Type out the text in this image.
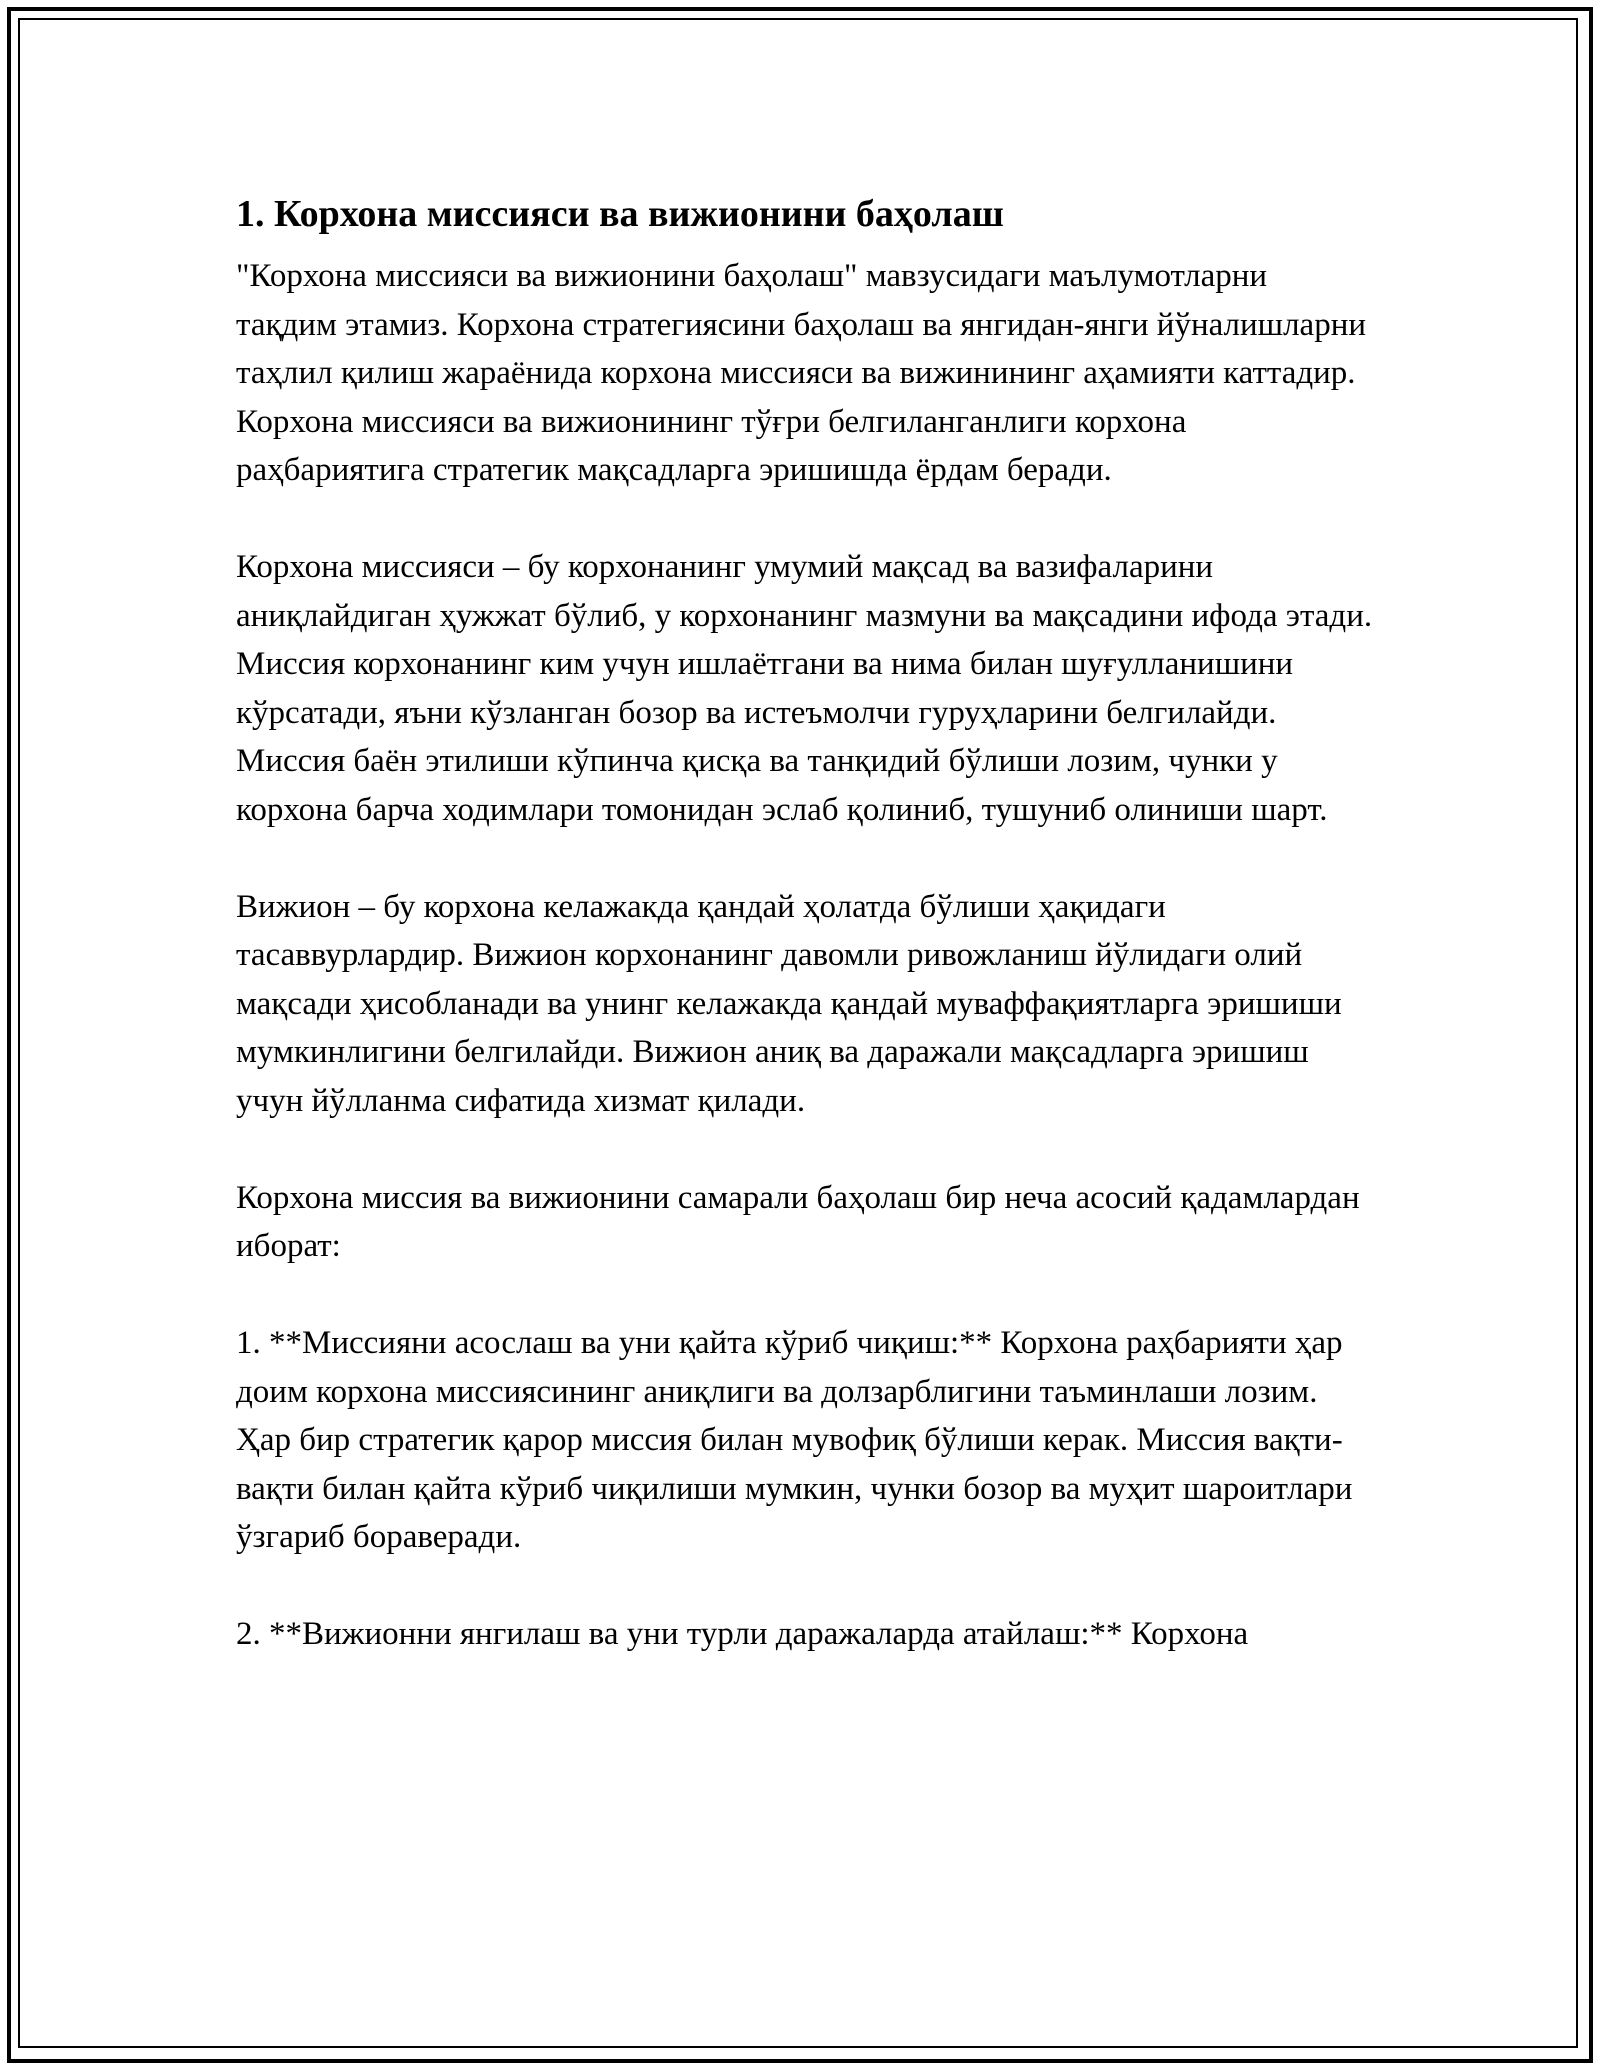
1. Корхона миссияси ва вижионини баҳолаш

"Корхона миссияси ва вижионини баҳолаш" мавзусидаги маълумотларни тақдим этамиз. Корхона стратегиясини баҳолаш ва янгидан-янги йўналишларни таҳлил қилиш жараёнида корхона миссияси ва вижинининг аҳамияти каттадир. Корхона миссияси ва вижионининг тўғри белгиланганлиги корхона раҳбариятига стратегик мақсадларга эришишда ёрдам беради.

Корхона миссияси – бу корхонанинг умумий мақсад ва вазифаларини аниқлайдиган ҳужжат бўлиб, у корхонанинг мазмуни ва мақсадини ифода этади. Миссия корхонанинг ким учун ишлаётгани ва нима билан шуғулланишини кўрсатади, яъни кўзланган бозор ва истеъмолчи гуруҳларини белгилайди. Миссия баён этилиши кўпинча қисқа ва танқидий бўлиши лозим, чунки у корхона барча ходимлари томонидан эслаб қолиниб, тушуниб олиниши шарт.

Вижион – бу корхона келажакда қандай ҳолатда бўлиши ҳақидаги тасаввурлардир. Вижион корхонанинг давомли ривожланиш йўлидаги олий мақсади ҳисобланади ва унинг келажакда қандай муваффақиятларга эришиши мумкинлигини белгилайди. Вижион аниқ ва даражали мақсадларга эришиш учун йўлланма сифатида хизмат қилади.

Корхона миссия ва вижионини самарали баҳолаш бир неча асосий қадамлардан иборат:

1. **Миссияни асослаш ва уни қайта кўриб чиқиш:** Корхона раҳбарияти ҳар доим корхона миссиясининг аниқлиги ва долзарблигини таъминлаши лозим. Ҳар бир стратегик қарор миссия билан мувофиқ бўлиши керак. Миссия вақти-вақти билан қайта кўриб чиқилиши мумкин, чунки бозор ва муҳит шароитлари ўзгариб бораверади.

2. **Вижионни янгилаш ва уни турли даражаларда атайлаш:** Корхона
